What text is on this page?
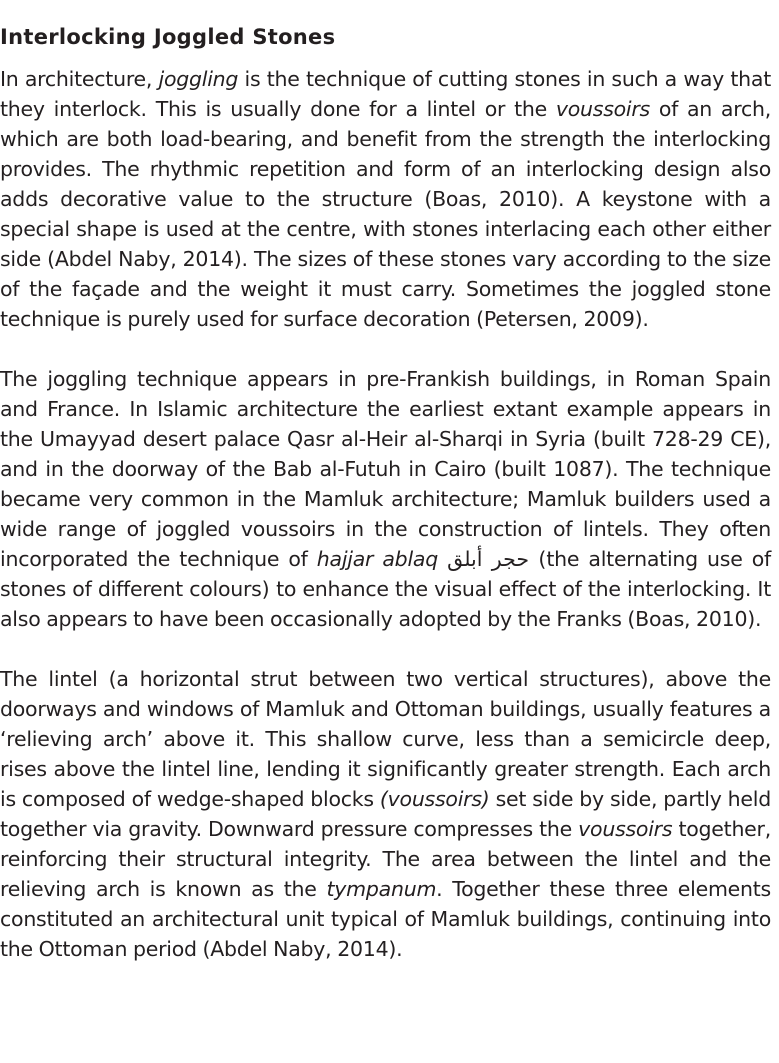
Interlocking Joggled Stones

In architecture, joggling is the technique of cutting stones in such a way that they interlock. This is usually done for a lintel or the voussoirs of an arch, which are both load-bearing, and benefit from the strength the interlocking provides. The rhythmic repetition and form of an interlocking design also adds decorative value to the structure (Boas, 2010). A keystone with a special shape is used at the centre, with stones interlacing each other either side (Abdel Naby, 2014). The sizes of these stones vary according to the size of the façade and the weight it must carry. Sometimes the joggled stone technique is purely used for surface decoration (Petersen, 2009).

The joggling technique appears in pre-Frankish buildings, in Roman Spain and France. In Islamic architecture the earliest extant example appears in the Umayyad desert palace Qasr al-Heir al-Sharqi in Syria (built 728-29 CE), and in the doorway of the Bab al-Futuh in Cairo (built 1087). The technique became very common in the Mamluk architecture; Mamluk builders used a wide range of joggled voussoirs in the construction of lintels. They often incorporated the technique of hajjar ablaq حجر أبلق (the alternating use of stones of different colours) to enhance the visual effect of the interlocking. It also appears to have been occasionally adopted by the Franks (Boas, 2010).

The lintel (a horizontal strut between two vertical structures), above the doorways and windows of Mamluk and Ottoman buildings, usually features a ‘relieving arch’ above it. This shallow curve, less than a semicircle deep, rises above the lintel line, lending it significantly greater strength. Each arch is composed of wedge-shaped blocks (voussoirs) set side by side, partly held together via gravity. Downward pressure compresses the voussoirs together, reinforcing their structural integrity. The area between the lintel and the relieving arch is known as the tympanum. Together these three elements constituted an architectural unit typical of Mamluk buildings, continuing into the Ottoman period (Abdel Naby, 2014).
